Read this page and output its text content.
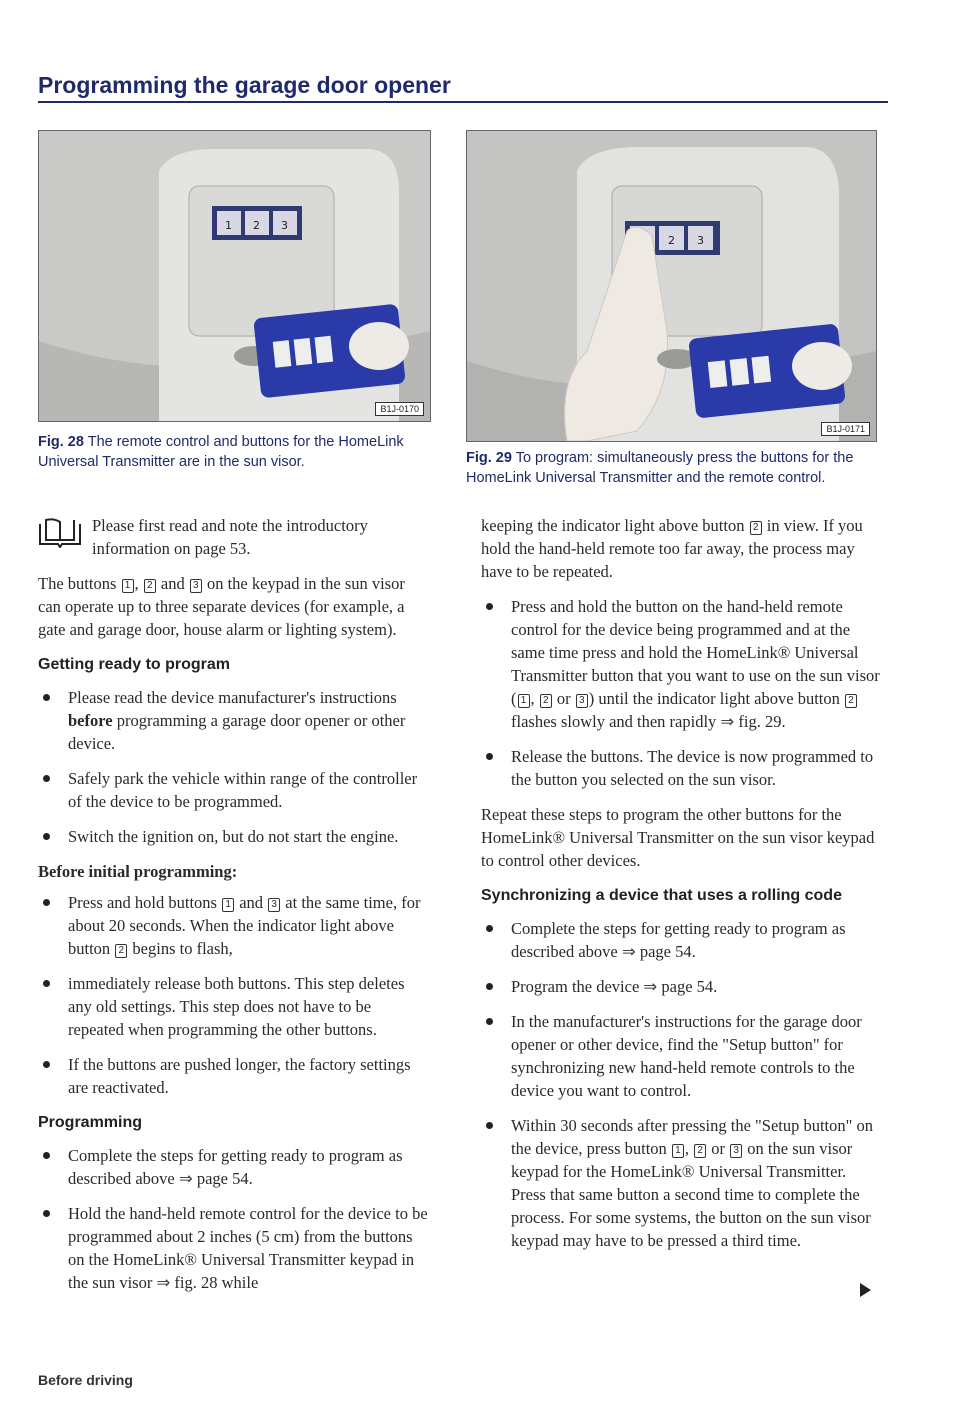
Programming the garage door opener
1 2 3
B1J-0170
Fig. 28 The remote control and buttons for the HomeLink Universal Transmitter are in the sun visor.
2 3
B1J-0171
Fig. 29 To program: simultaneously press the buttons for the HomeLink Universal Transmitter and the remote control.

Please first read and note the introductory information on page 53.

The buttons 1 , 2 and 3 on the keypad in the sun visor can operate up to three separate devices (for example, a gate and garage door, house alarm or lighting system).

Getting ready to program
Please read the device manufacturer's instructions before programming a garage door opener or other device.
Safely park the vehicle within range of the controller of the device to be programmed.
Switch the ignition on, but do not start the engine.
Before initial programming:
Press and hold buttons 1 and 3 at the same time, for about 20 seconds. When the indicator light above button 2 begins to flash,
immediately release both buttons. This step deletes any old settings. This step does not have to be repeated when programming the other buttons.
If the buttons are pushed longer, the factory settings are reactivated.
Programming
Complete the steps for getting ready to program as described above ⇒ page 54.
Hold the hand-held remote control for the device to be programmed about 2 inches (5 cm) from the buttons on the HomeLink® Universal Transmitter keypad in the sun visor ⇒ fig. 28 while

keeping the indicator light above button 2 in view. If you hold the hand-held remote too far away, the process may have to be repeated.

Press and hold the button on the hand-held remote control for the device being programmed and at the same time press and hold the HomeLink® Universal Transmitter button that you want to use on the sun visor ( 1 , 2 or 3 ) until the indicator light above button 2 flashes slowly and then rapidly ⇒ fig. 29.
Release the buttons. The device is now programmed to the button you selected on the sun visor.

Repeat these steps to program the other buttons for the HomeLink® Universal Transmitter on the sun visor keypad to control other devices.

Synchronizing a device that uses a rolling code
Complete the steps for getting ready to program as described above ⇒ page 54.
Program the device ⇒ page 54.
In the manufacturer's instructions for the garage door opener or other device, find the "Setup button" for synchronizing new hand-held remote controls to the device you want to control.
Within 30 seconds after pressing the "Setup button" on the device, press button 1 , 2 or 3 on the sun visor keypad for the HomeLink® Universal Transmitter. Press that same button a second time to complete the process. For some systems, the button on the sun visor keypad may have to be pressed a third time.
Before driving
